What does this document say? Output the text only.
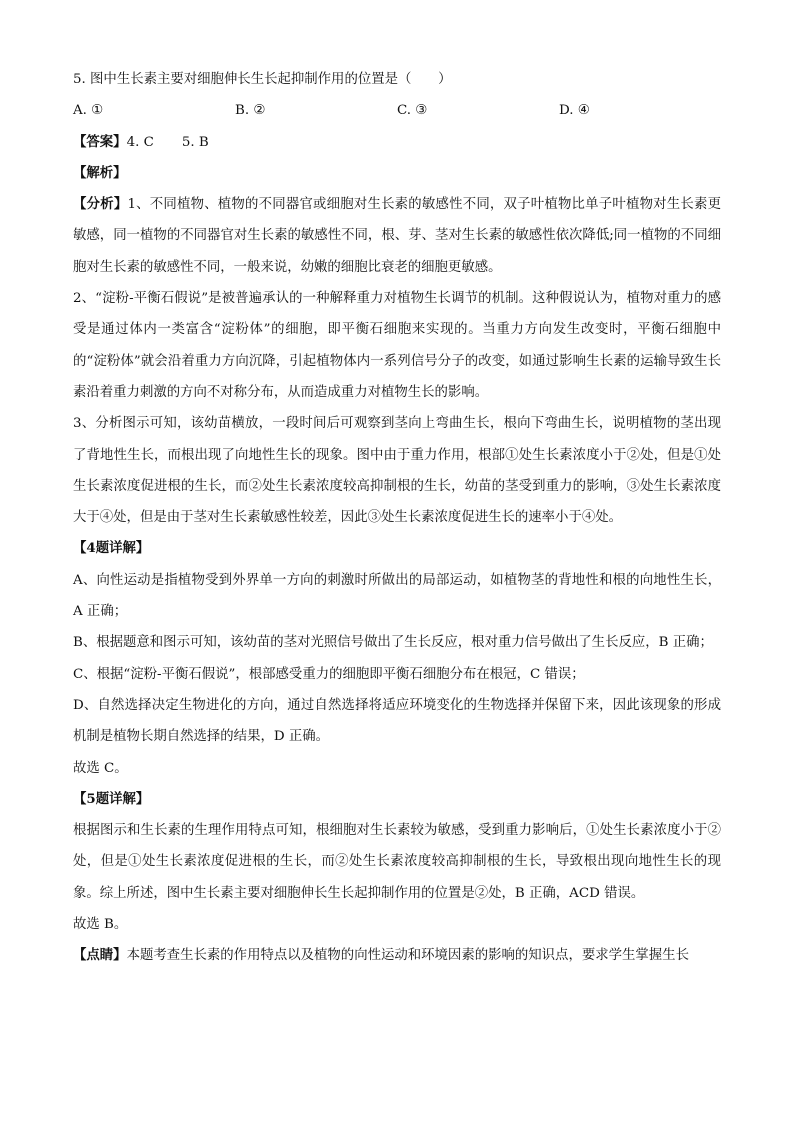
5. 图中生长素主要对细胞伸长生长起抑制作用的位置是（　　）

A. ①	B. ②	C. ③	D. ④

【答案】4. C 5. B

【解析】

【分析】1、不同植物、植物的不同器官或细胞对生长素的敏感性不同，双子叶植物比单子叶植物对生长素更敏感，同一植物的不同器官对生长素的敏感性不同，根、芽、茎对生长素的敏感性依次降低;同一植物的不同细胞对生长素的敏感性不同，一般来说，幼嫩的细胞比衰老的细胞更敏感。

2、“淀粉-平衡石假说”是被普遍承认的一种解释重力对植物生长调节的机制。这种假说认为，植物对重力的感受是通过体内一类富含“淀粉体”的细胞，即平衡石细胞来实现的。当重力方向发生改变时，平衡石细胞中的“淀粉体”就会沿着重力方向沉降，引起植物体内一系列信号分子的改变，如通过影响生长素的运输导致生长素沿着重力刺激的方向不对称分布，从而造成重力对植物生长的影响。

3、分析图示可知，该幼苗横放，一段时间后可观察到茎向上弯曲生长，根向下弯曲生长，说明植物的茎出现了背地性生长，而根出现了向地性生长的现象。图中由于重力作用，根部①处生长素浓度小于②处，但是①处生长素浓度促进根的生长，而②处生长素浓度较高抑制根的生长，幼苗的茎受到重力的影响，③处生长素浓度大于④处，但是由于茎对生长素敏感性较差，因此③处生长素浓度促进生长的速率小于④处。

【4题详解】

A、向性运动是指植物受到外界单一方向的刺激时所做出的局部运动，如植物茎的背地性和根的向地性生长，A 正确；

B、根据题意和图示可知，该幼苗的茎对光照信号做出了生长反应，根对重力信号做出了生长反应，B 正确；

C、根据“淀粉-平衡石假说”，根部感受重力的细胞即平衡石细胞分布在根冠，C 错误；

D、自然选择决定生物进化的方向，通过自然选择将适应环境变化的生物选择并保留下来，因此该现象的形成机制是植物长期自然选择的结果，D 正确。

故选 C。

【5题详解】

根据图示和生长素的生理作用特点可知，根细胞对生长素较为敏感，受到重力影响后，①处生长素浓度小于②处，但是①处生长素浓度促进根的生长，而②处生长素浓度较高抑制根的生长，导致根出现向地性生长的现象。综上所述，图中生长素主要对细胞伸长生长起抑制作用的位置是②处，B 正确，ACD 错误。

故选 B。

【点睛】本题考查生长素的作用特点以及植物的向性运动和环境因素的影响的知识点，要求学生掌握生长
